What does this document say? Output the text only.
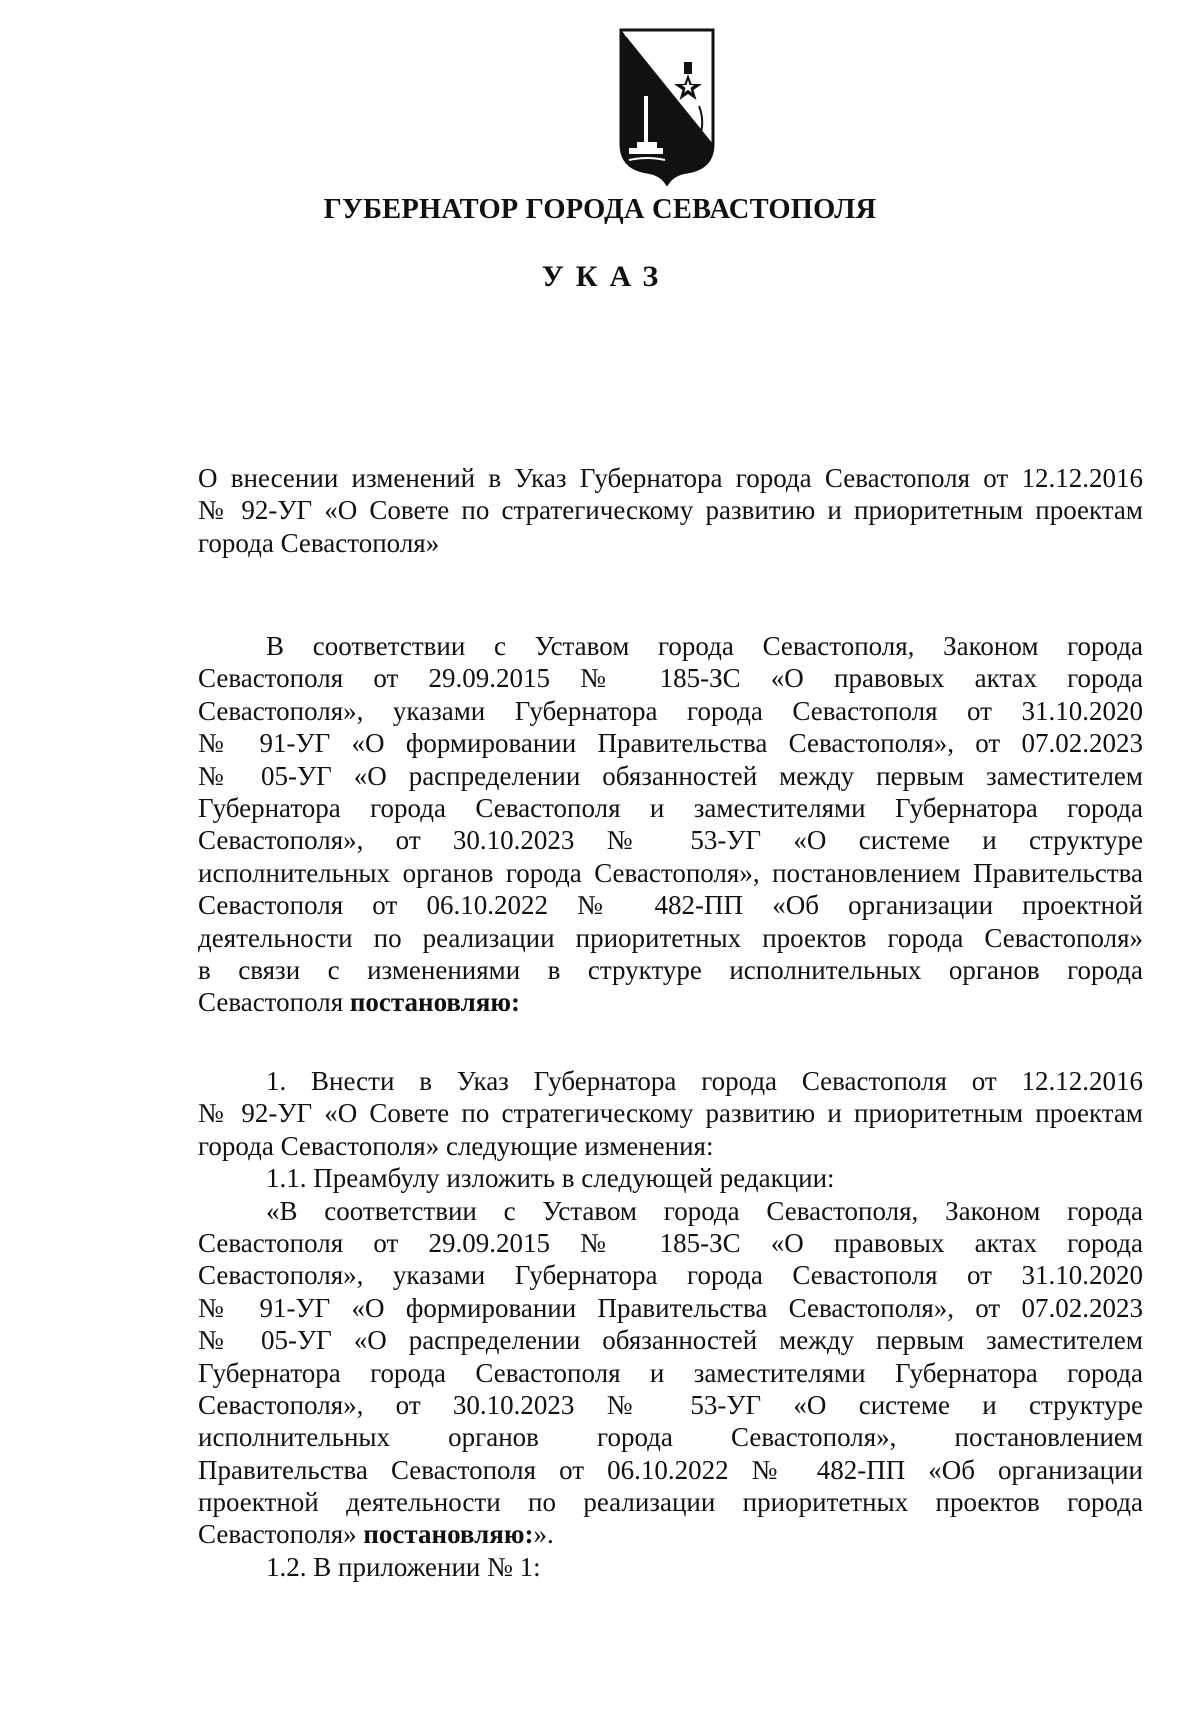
ГУБЕРНАТОР ГОРОДА СЕВАСТОПОЛЯ
УКАЗ
О внесении изменений в Указ Губернатора города Севастополя от 12.12.2016
№ 92-УГ «О Совете по стратегическому развитию и приоритетным проектам
города Севастополя»
В соответствии с Уставом города Севастополя, Законом города
Севастополя от 29.09.2015 № 185-ЗС «О правовых актах города
Севастополя», указами Губернатора города Севастополя от 31.10.2020
№ 91-УГ «О формировании Правительства Севастополя», от 07.02.2023
№ 05-УГ «О распределении обязанностей между первым заместителем
Губернатора города Севастополя и заместителями Губернатора города
Севастополя», от 30.10.2023 № 53-УГ «О системе и структуре
исполнительных органов города Севастополя», постановлением Правительства
Севастополя от 06.10.2022 № 482-ПП «Об организации проектной
деятельности по реализации приоритетных проектов города Севастополя»
в связи с изменениями в структуре исполнительных органов города
Севастополя постановляю:
1. Внести в Указ Губернатора города Севастополя от 12.12.2016
№ 92-УГ «О Совете по стратегическому развитию и приоритетным проектам
города Севастополя» следующие изменения:
1.1. Преамбулу изложить в следующей редакции:
«В соответствии с Уставом города Севастополя, Законом города
Севастополя от 29.09.2015 № 185-ЗС «О правовых актах города
Севастополя», указами Губернатора города Севастополя от 31.10.2020
№ 91-УГ «О формировании Правительства Севастополя», от 07.02.2023
№ 05-УГ «О распределении обязанностей между первым заместителем
Губернатора города Севастополя и заместителями Губернатора города
Севастополя», от 30.10.2023 № 53-УГ «О системе и структуре
исполнительных органов города Севастополя», постановлением
Правительства Севастополя от 06.10.2022 № 482-ПП «Об организации
проектной деятельности по реализации приоритетных проектов города
Севастополя» постановляю:».
1.2. В приложении № 1:
